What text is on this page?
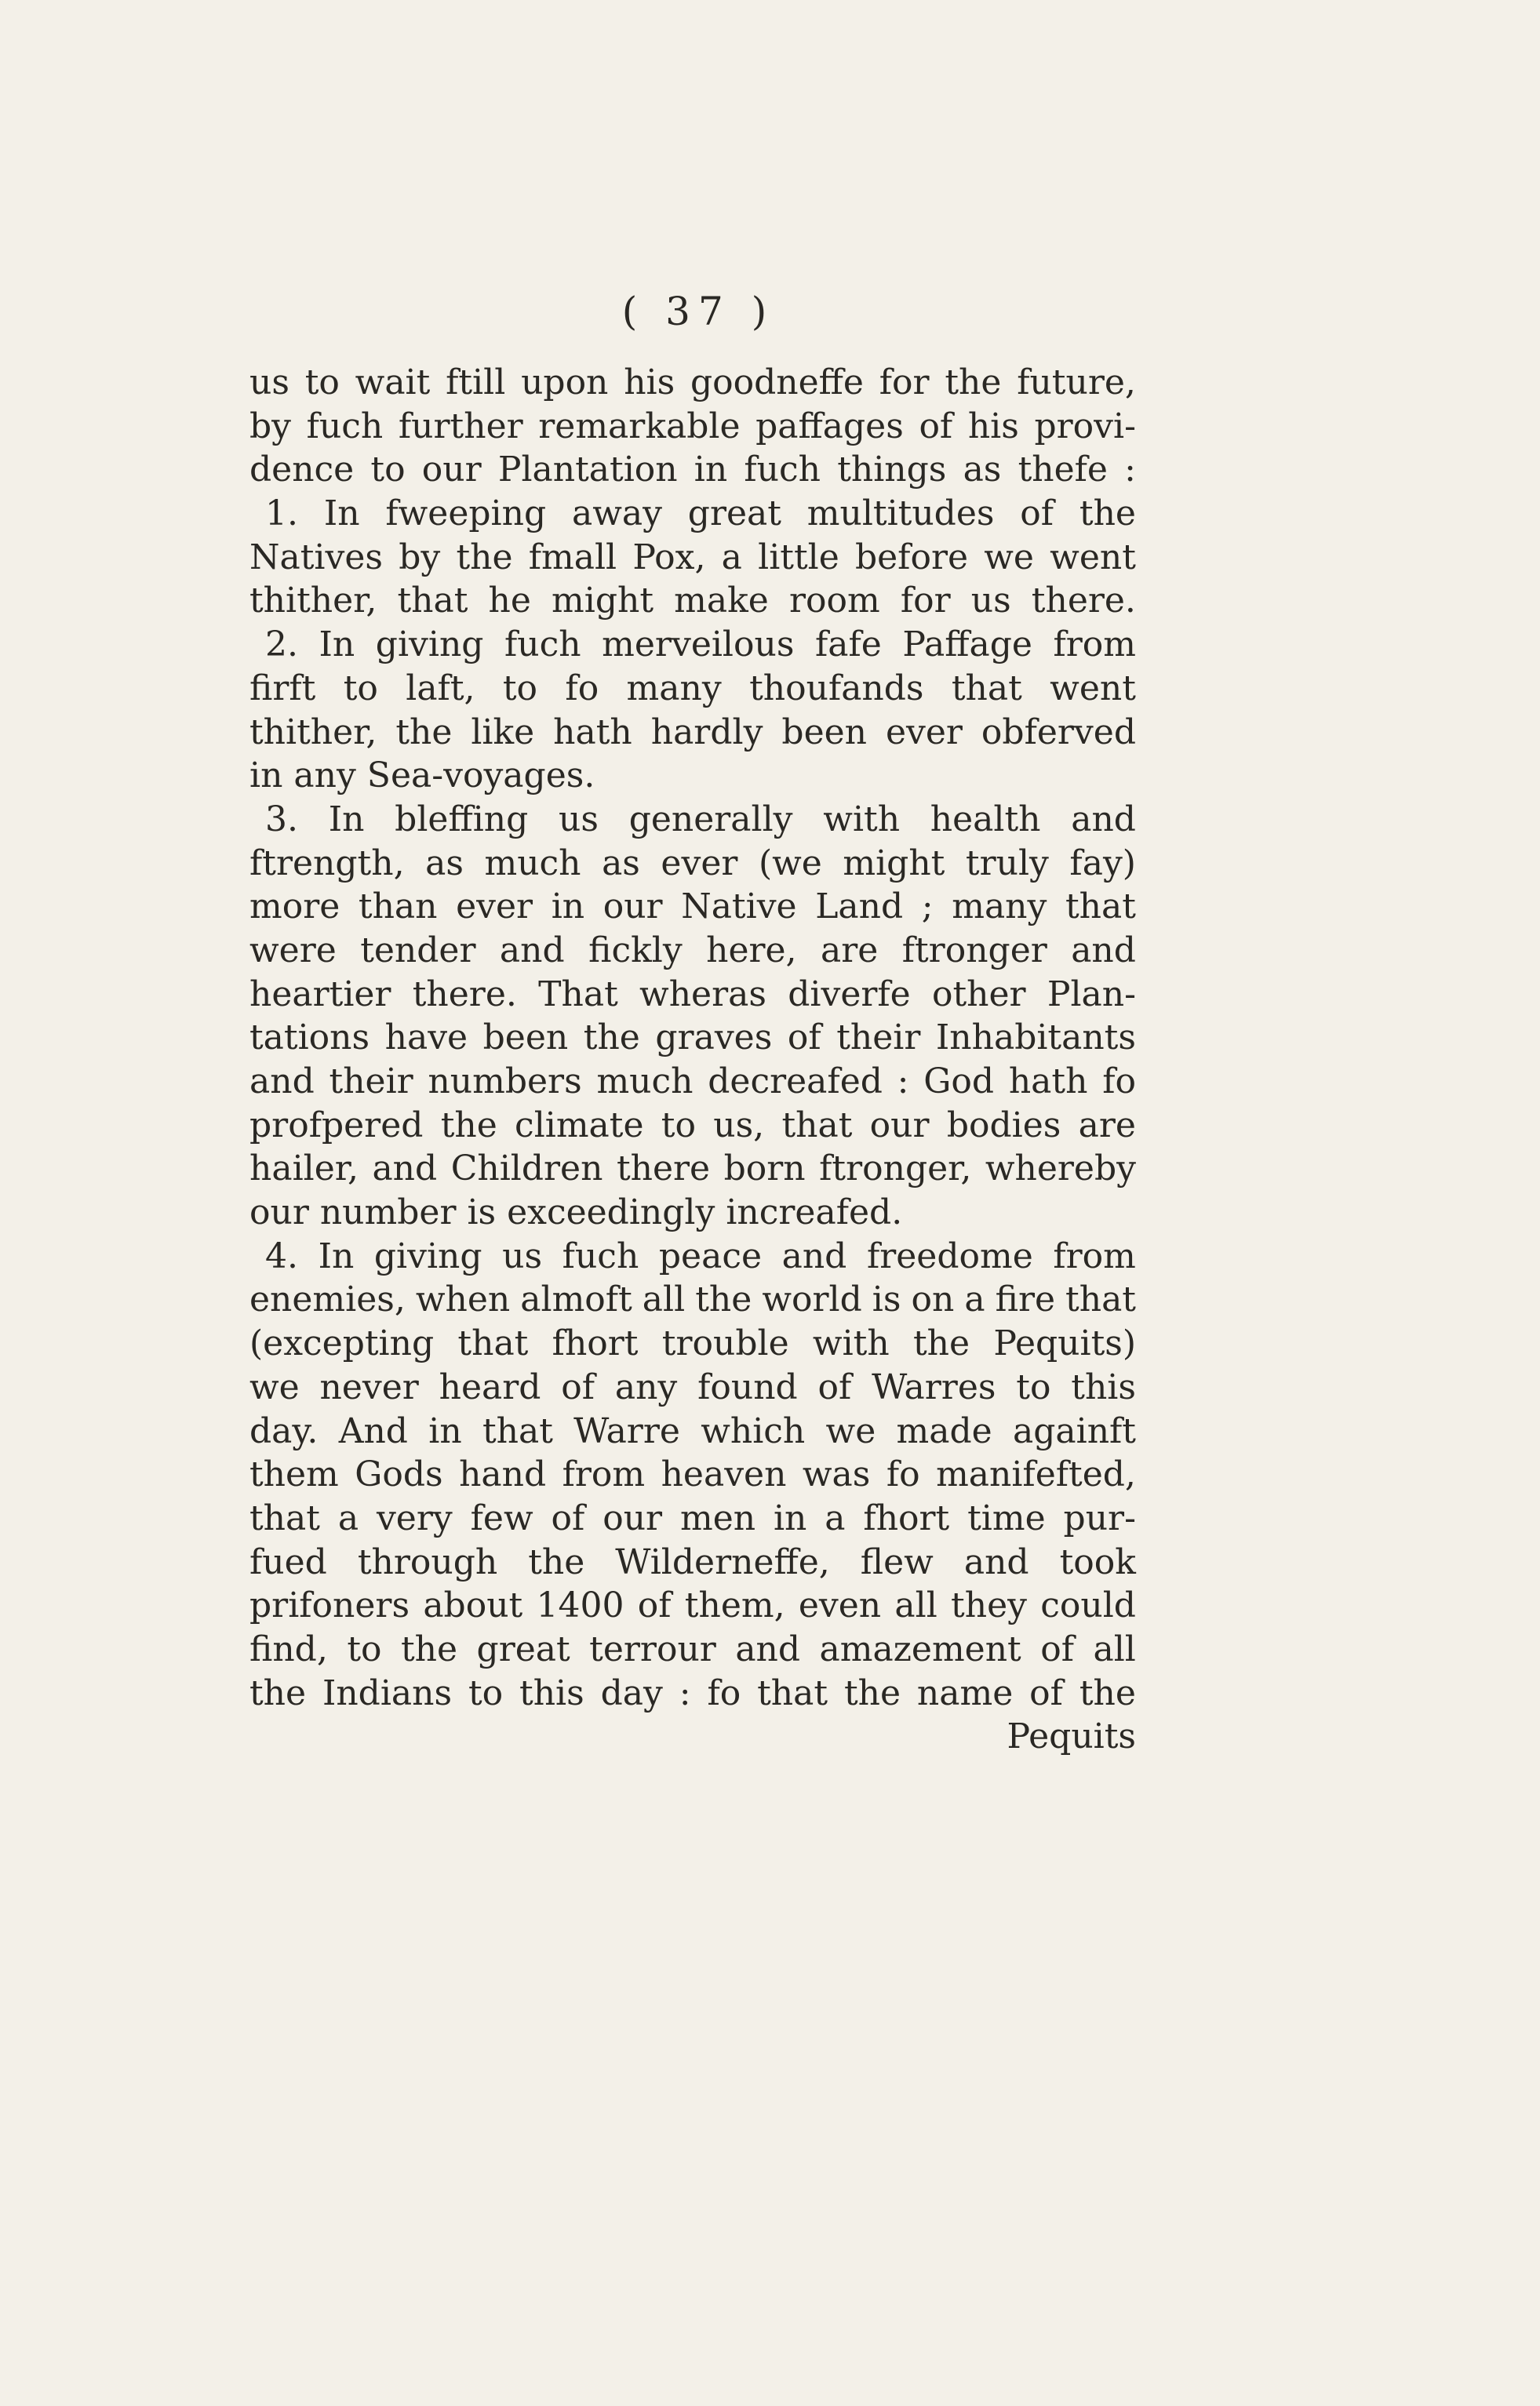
( 37 )
us to wait ftill upon his goodneffe for the future,
by fuch further remarkable paffages of his provi-
dence to our Plantation in fuch things as thefe :
1. In fweeping away great multitudes of the
Natives by the fmall Pox, a little before we went
thither, that he might make room for us there.
2. In giving fuch merveilous fafe Paffage from
firft to laft, to fo many thoufands that went
thither, the like hath hardly been ever obferved
in any Sea-voyages.
3. In bleffing us generally with health and
ftrength, as much as ever (we might truly fay)
more than ever in our Native Land ; many that
were tender and fickly here, are ftronger and
heartier there. That wheras diverfe other Plan-
tations have been the graves of their Inhabitants
and their numbers much decreafed : God hath fo
profpered the climate to us, that our bodies are
hailer, and Children there born ftronger, whereby
our number is exceedingly increafed.
4. In giving us fuch peace and freedome from
enemies, when almoft all the world is on a fire that
(excepting that fhort trouble with the Pequits)
we never heard of any found of Warres to this
day. And in that Warre which we made againft
them Gods hand from heaven was fo manifefted,
that a very few of our men in a fhort time pur-
fued through the Wilderneffe, flew and took
prifoners about 1400 of them, even all they could
find, to the great terrour and amazement of all
the Indians to this day : fo that the name of the
Pequits
